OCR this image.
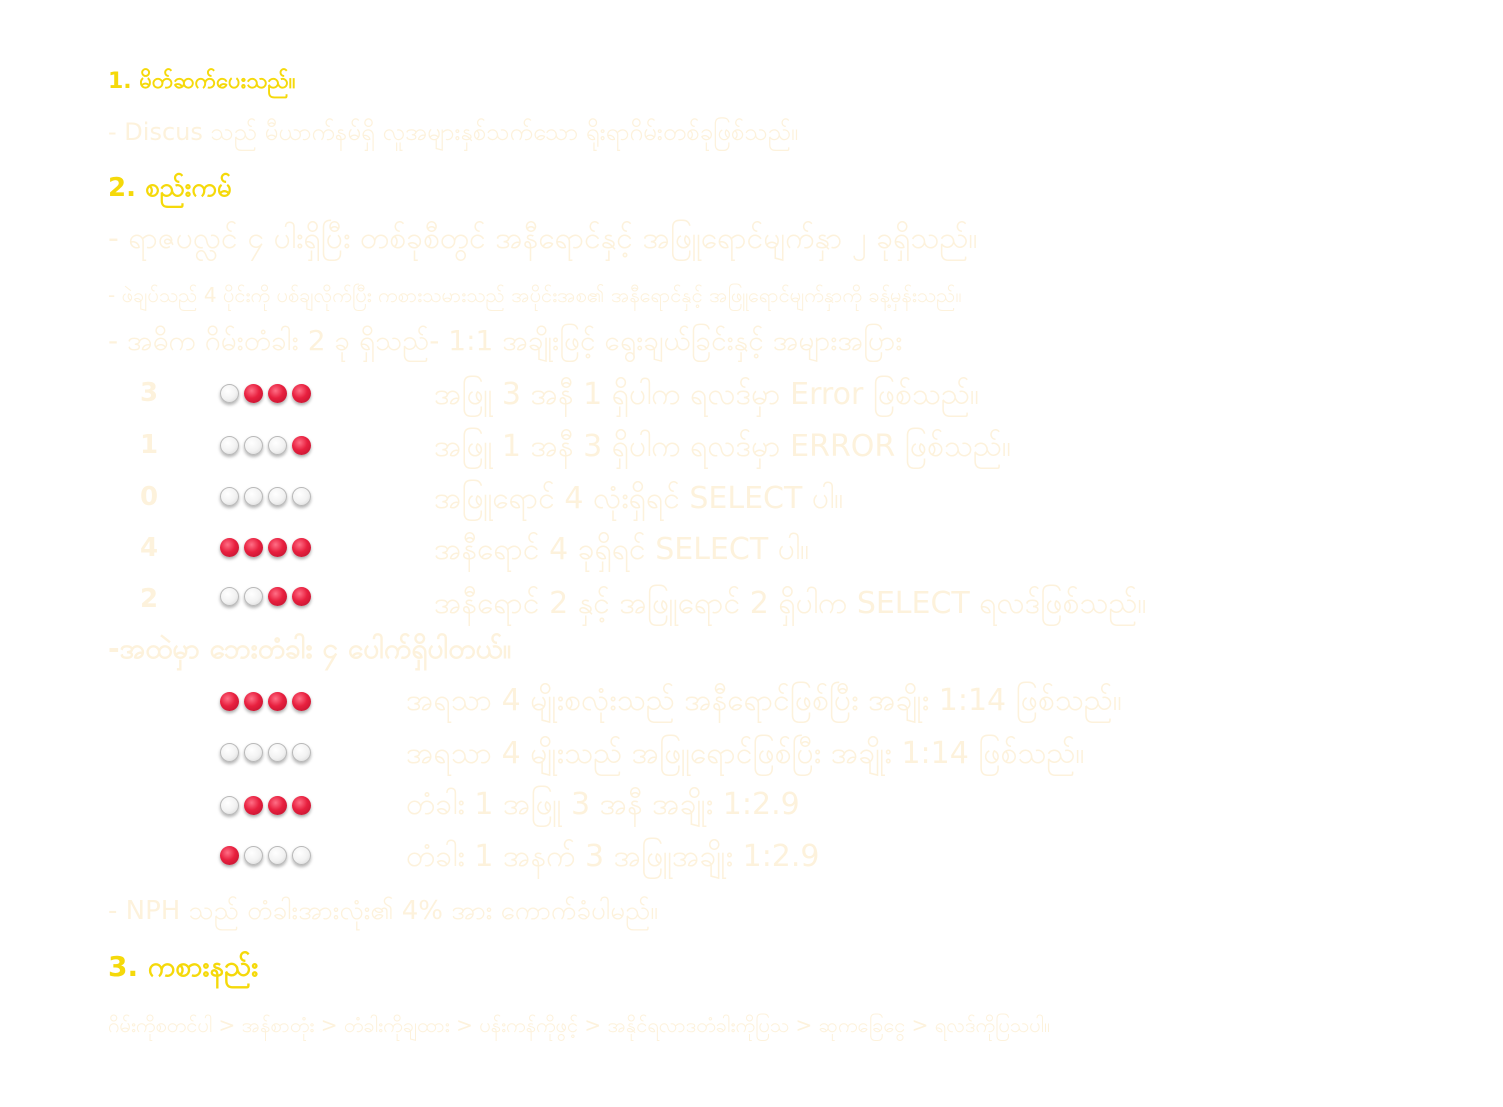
1. မိတ်ဆက်ပေးသည်။
- Discus သည် မီယာက်နမ်ရှိ လူအများနှစ်သက်သော ရိုးရာဂိမ်းတစ်ခုဖြစ်သည်။
2. စည်းကမ်
- ရာဇပလ္လင် ၄ ပါးရှိပြီး တစ်ခုစီတွင် အနီရောင်နှင့် အဖြူရောင်မျက်နှာ ၂ ခုရှိသည်။
- ဖဲချပ်သည် 4 ပိုင်းကို ပစ်ချလိုက်ပြီး ကစားသမားသည် အပိုင်းအစ၏ အနီရောင်နှင့် အဖြူရောင်မျက်နှာကို ခန့်မှန်းသည်။
- အဓိက ဂိမ်းတံခါး 2 ခု ရှိသည်- 1:1 အချိုးဖြင့် ရွေးချယ်ခြင်းနှင့် အများအပြား
3	အဖြူ 3 အနီ 1 ရှိပါက ရလဒ်မှာ Error ဖြစ်သည်။
1	အဖြူ 1 အနီ 3 ရှိပါက ရလဒ်မှာ ERROR ဖြစ်သည်။
0	အဖြူရောင် 4 လုံးရှိရင် SELECT ပါ။
4	အနီရောင် 4 ခုရှိရင် SELECT ပါ။
2	အနီရောင် 2 နှင့် အဖြူရောင် 2 ရှိပါက SELECT ရလဒ်ဖြစ်သည်။
-အထဲမှာ ဘေးတံခါး ၄ ပေါက်ရှိပါတယ်။
အရသာ 4 မျိုးစလုံးသည် အနီရောင်ဖြစ်ပြီး အချိုး 1:14 ဖြစ်သည်။
အရသာ 4 မျိုးသည် အဖြူရောင်ဖြစ်ပြီး အချိုး 1:14 ဖြစ်သည်။
တံခါး 1 အဖြူ 3 အနီ အချိုး 1:2.9
တံခါး 1 အနက် 3 အဖြူအချိုး 1:2.9
- NPH သည် တံခါးအားလုံး၏ 4% အား ကောက်ခံပါမည်။
3. ကစားနည်း
ဂိမ်းကိုစတင်ပါ > အန်စာတုံး > တံခါးကိုချထား > ပန်းကန်ကိုဖွင့် > အနိုင်ရလာဒတံခါးကိုပြသ > ဆုကခြေငွေ > ရလဒ်ကိုပြသပါ။
